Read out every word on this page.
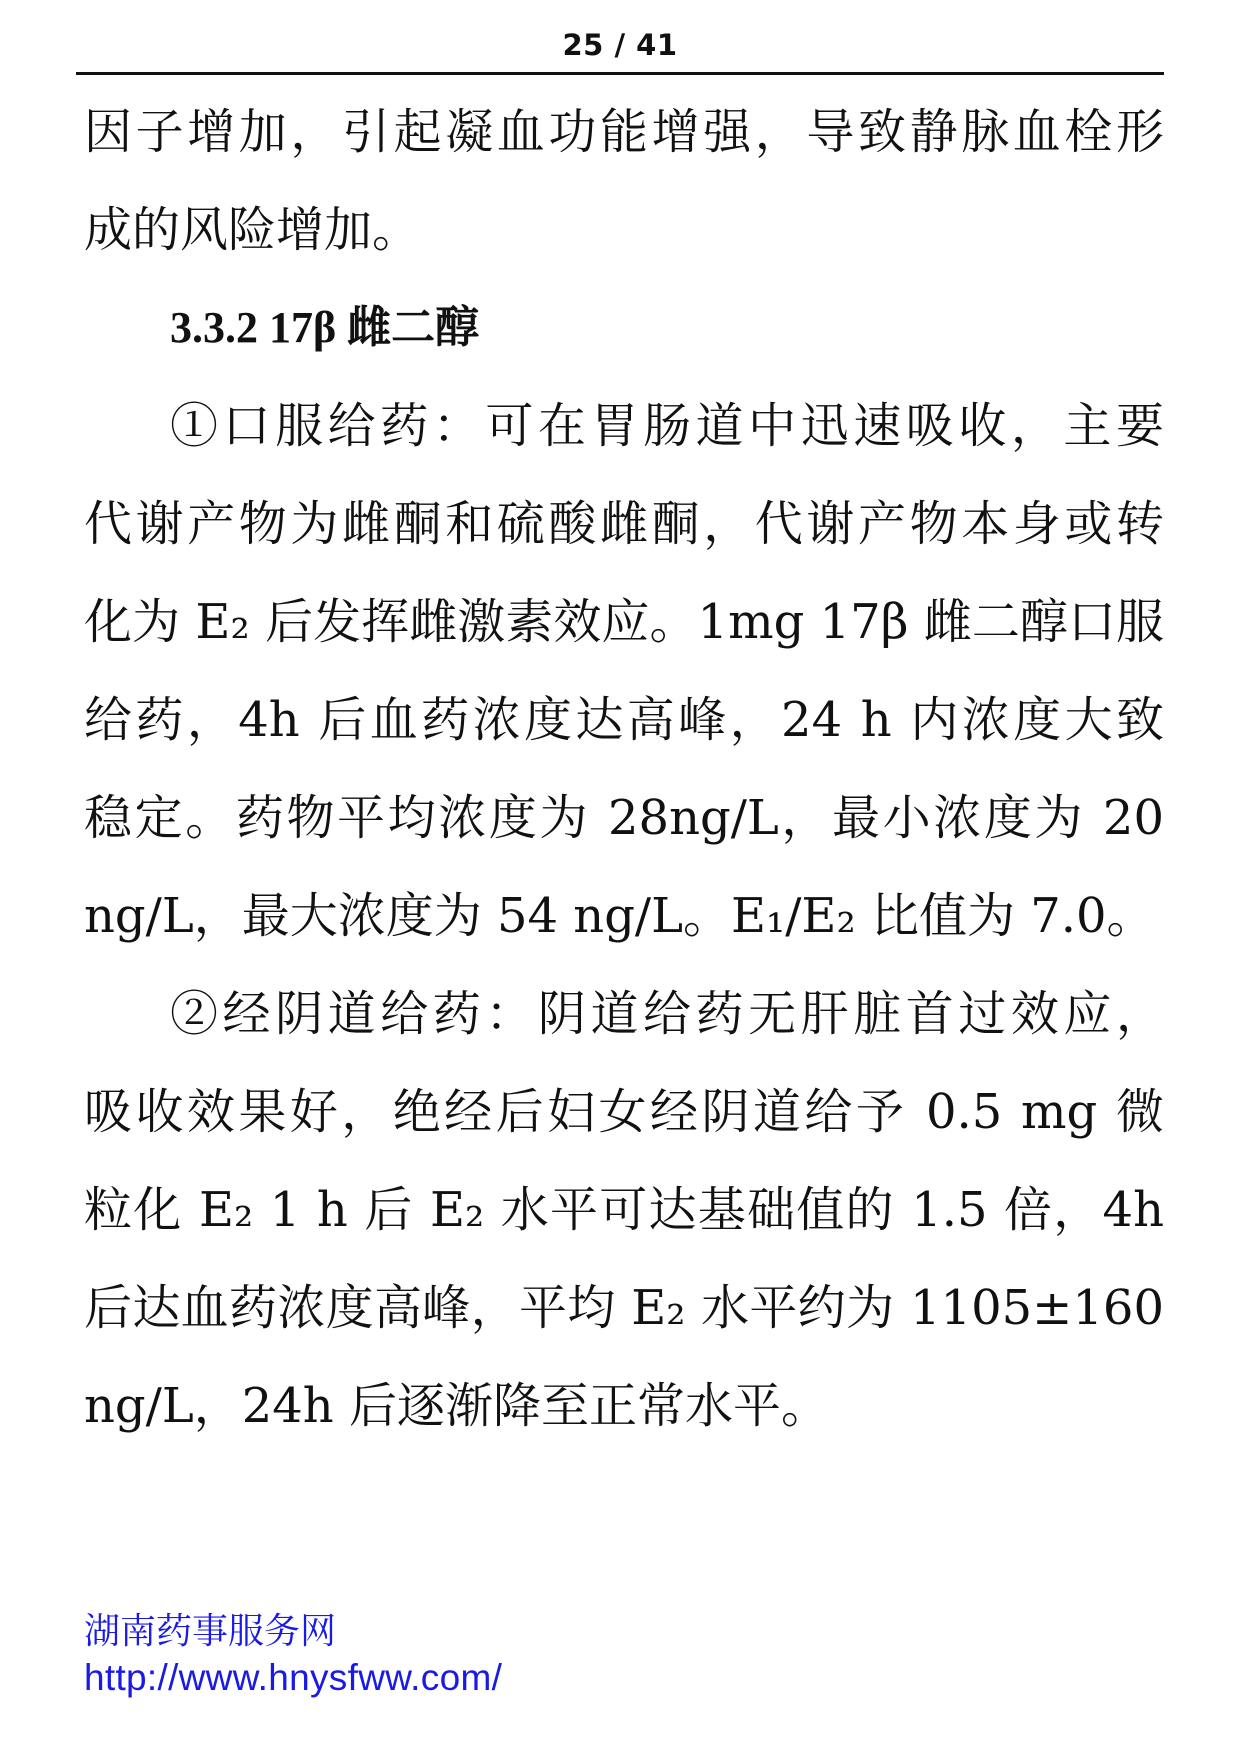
25 / 41
因子增加，引起凝血功能增强，导致静脉血栓形
成的风险增加。
3.3.2 17β 雌二醇
①口服给药：可在胃肠道中迅速吸收，主要
代谢产物为雌酮和硫酸雌酮，代谢产物本身或转
化为 E₂ 后发挥雌激素效应。1mg 17β 雌二醇口服
给药，4h 后血药浓度达高峰，24 h 内浓度大致
稳定。药物平均浓度为 28ng/L，最小浓度为 20
ng/L，最大浓度为 54 ng/L。E₁/E₂ 比值为 7.0。
②经阴道给药：阴道给药无肝脏首过效应，
吸收效果好，绝经后妇女经阴道给予 0.5 mg 微
粒化 E₂ 1 h 后 E₂ 水平可达基础值的 1.5 倍，4h
后达血药浓度高峰，平均 E₂ 水平约为 1105±160
ng/L，24h 后逐渐降至正常水平。
湖南药事服务网
http://www.hnysfww.com/
